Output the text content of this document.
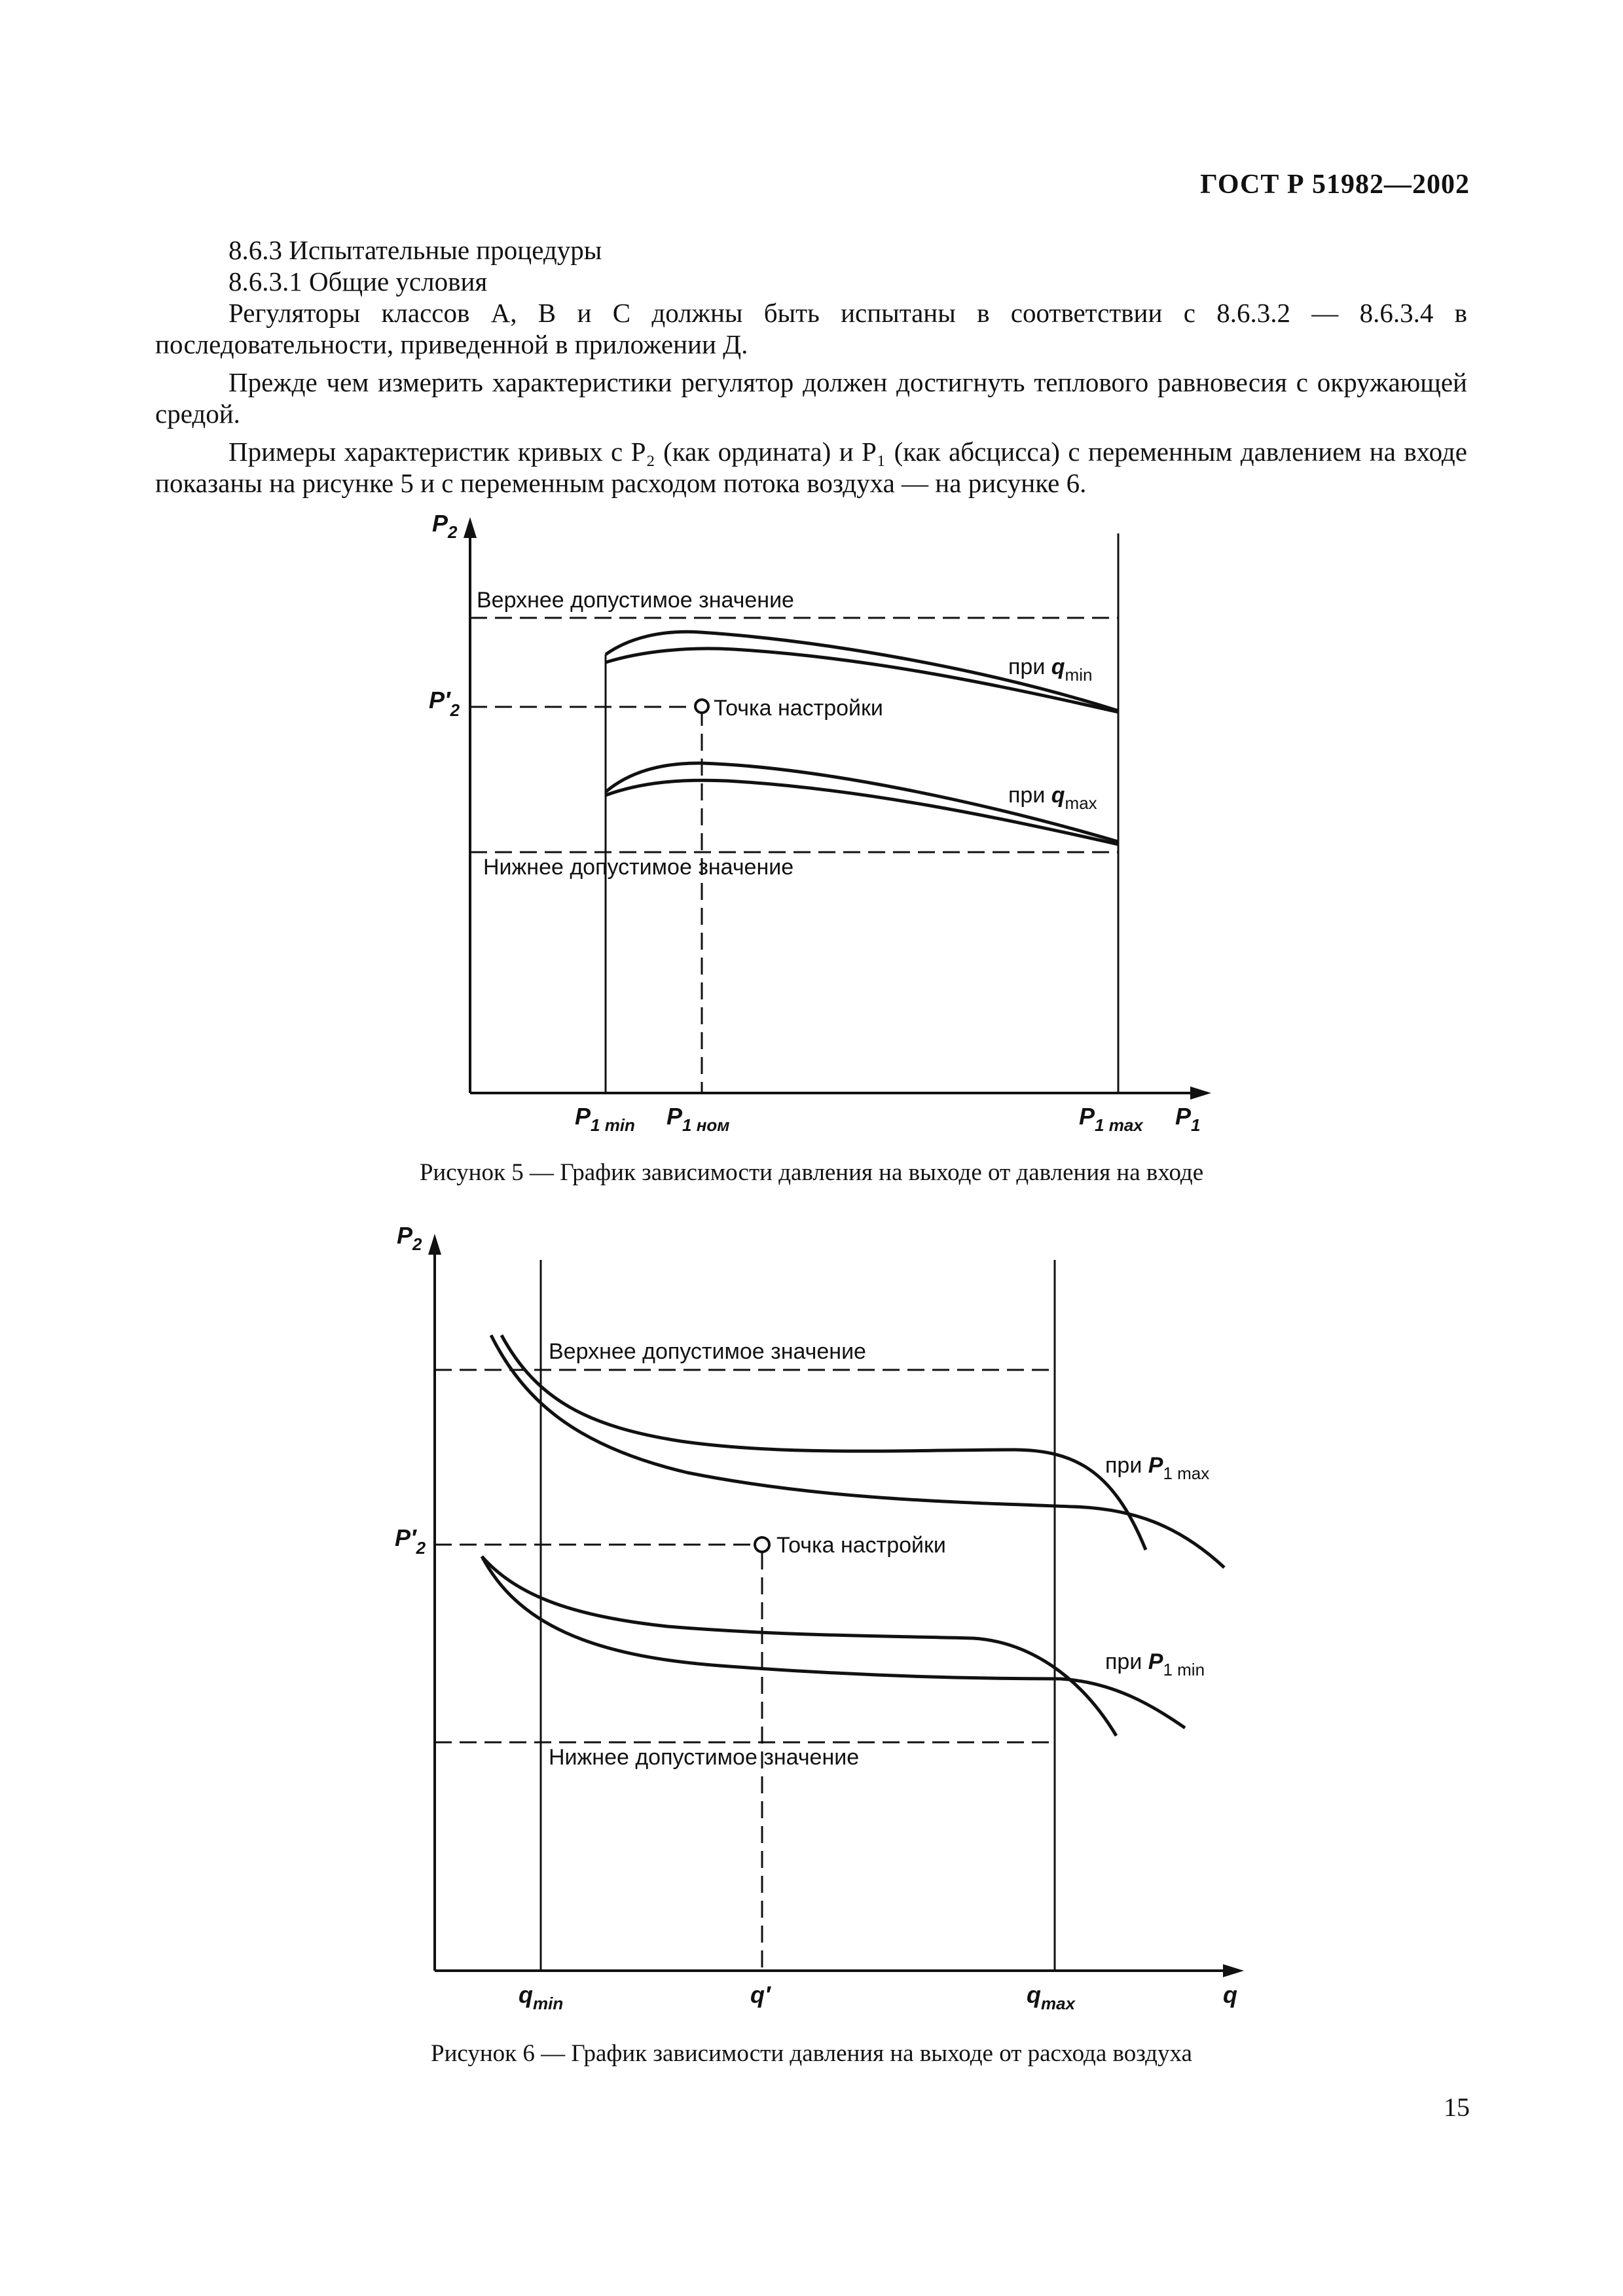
ГОСТ Р 51982—2002

8.6.3 Испытательные процедуры

8.6.3.1 Общие условия

Регуляторы классов А, В и С должны быть испытаны в соответствии с 8.6.3.2 — 8.6.3.4 в последовательности, приведенной в приложении Д.

Прежде чем измерить характеристики регулятор должен достигнуть теплового равновесия с окружающей средой.

Примеры характеристик кривых с P₂ (как ордината) и P₁ (как абсцисса) с переменным давлением на входе показаны на рисунке 5 и с переменным расходом потока воздуха — на рисунке 6.

$P_2$
$P_1$
Верхнее допустимое значение
Нижнее допустимое значение
$P'_2$	Точка настройки
при $q_{min}$
при $q_{max}$
$P_{1 min}$ $P_{1 ном}$	$P_{1 max}$
Рисунок 5 — График зависимости давления на выходе от давления на входе
$P_2$
q
Верхнее допустимое значение
Нижнее допустимое значение
$P'_2$	Точка настройки
при $P_{1 max}$
при $P_{1 min}$
$q_{min}$	q′	$q_{max}$
Рисунок 6 — График зависимости давления на выходе от расхода воздуха
15
